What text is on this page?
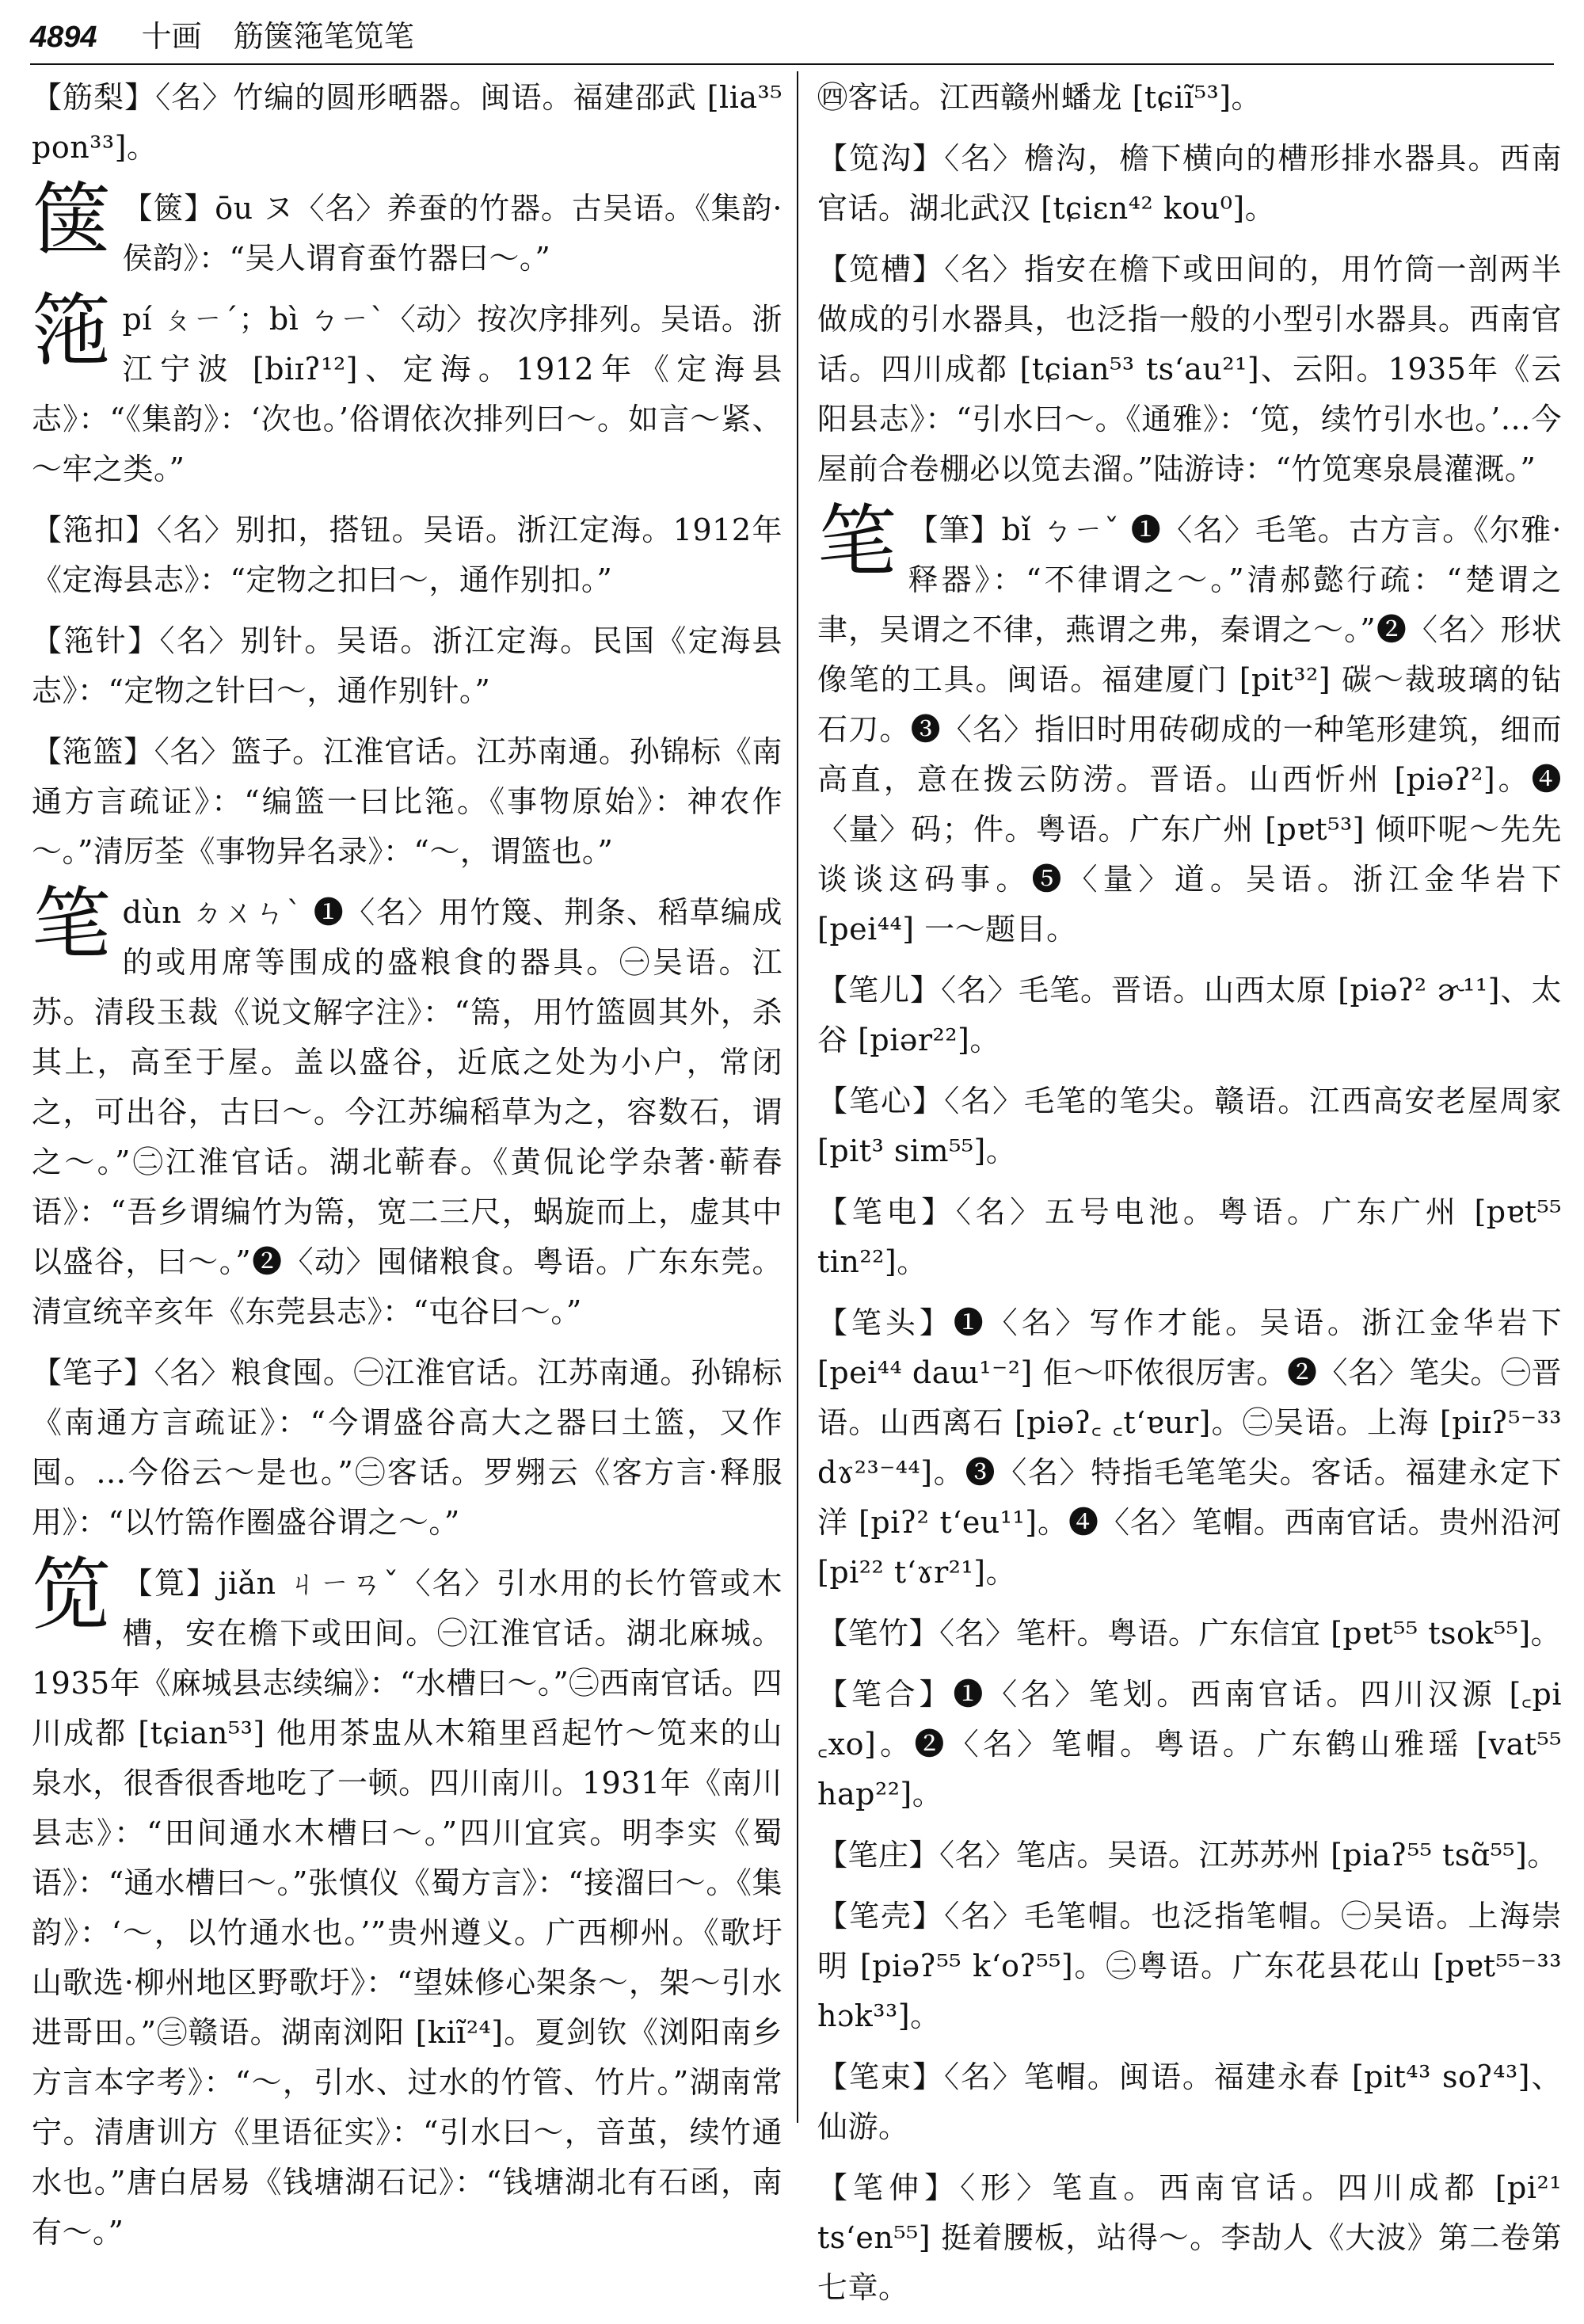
4894 十画 筋箧筂笔笕笔
【筋梨】〈名〉竹编的圆形晒器。闽语。福建邵武 [lia³⁵ pon³³]。
箧 【篋】ōu ヌ〈名〉养蚕的竹器。古吴语。《集韵·侯韵》：“吴人谓育蚕竹器曰～。”
筂pí ㄆㄧˊ；bì ㄅㄧˋ〈动〉按次序排列。吴语。浙江宁波 [biɪʔ¹²]、定海。1912年《定海县志》：“《集韵》：‘次也。’俗谓依次排列曰～。如言～紧、～牢之类。”
【筂扣】〈名〉别扣，搭钮。吴语。浙江定海。1912年《定海县志》：“定物之扣曰～，通作别扣。”
【筂针】〈名〉别针。吴语。浙江定海。民国《定海县志》：“定物之针曰～，通作别针。”
【筂篮】〈名〉篮子。江淮官话。江苏南通。孙锦标《南通方言疏证》：“编篮一曰比筂。《事物原始》：神农作～。”清厉荃《事物异名录》：“～，谓篮也。”
笔dùn ㄉㄨㄣˋ ❶〈名〉用竹篾、荆条、稻草编成的或用席等围成的盛粮食的器具。㊀吴语。江苏。清段玉裁《说文解字注》：“篅，用竹篮圆其外，杀其上，高至于屋。盖以盛谷，近底之处为小户，常闭之，可出谷，古曰～。今江苏编稻草为之，容数石，谓之～。”㊁江淮官话。湖北蕲春。《黄侃论学杂著·蕲春语》：“吾乡谓编竹为篅，宽二三尺，蜗旋而上，虚其中以盛谷，曰～。”❷〈动〉囤储粮食。粤语。广东东莞。清宣统辛亥年《东莞县志》：“屯谷曰～。”
【笔子】〈名〉粮食囤。㊀江淮官话。江苏南通。孙锦标《南通方言疏证》：“今谓盛谷高大之器曰土篮，又作囤。…今俗云～是也。”㊁客话。罗翙云《客方言·释服用》：“以竹篅作圈盛谷谓之～。”
笕 【筧】jiǎn ㄐㄧㄢˇ〈名〉引水用的长竹管或木槽，安在檐下或田间。㊀江淮官话。湖北麻城。1935年《麻城县志续编》：“水槽曰～。”㊁西南官话。四川成都 [tɕian⁵³] 他用茶盅从木箱里舀起竹～笕来的山泉水，很香很香地吃了一顿。四川南川。1931年《南川县志》：“田间通水木槽曰～。”四川宜宾。明李实《蜀语》：“通水槽曰～。”张慎仪《蜀方言》：“接溜曰～。《集韵》：‘～，以竹通水也。’”贵州遵义。广西柳州。《歌圩山歌选·柳州地区野歌圩》：“望妹修心架条～，架～引水进哥田。”㊂赣语。湖南浏阳 [kiĩ²⁴]。夏剑钦《浏阳南乡方言本字考》：“～，引水、过水的竹管、竹片。”湖南常宁。清唐训方《里语征实》：“引水曰～，音茧，续竹通水也。”唐白居易《钱塘湖石记》：“钱塘湖北有石函，南有～。”
㊃客话。江西赣州蟠龙 [tɕiĩ⁵³]。
【笕沟】〈名〉檐沟，檐下横向的槽形排水器具。西南官话。湖北武汉 [tɕiɛn⁴² kou⁰]。
【笕槽】〈名〉指安在檐下或田间的，用竹筒一剖两半做成的引水器具，也泛指一般的小型引水器具。西南官话。四川成都 [tɕian⁵³ tsʻau²¹]、云阳。1935年《云阳县志》：“引水曰～。《通雅》：‘笕，续竹引水也。’…今屋前合卷棚必以笕去溜。”陆游诗：“竹笕寒泉晨灌溉。”
笔 【筆】bǐ ㄅㄧˇ ❶〈名〉毛笔。古方言。《尔雅·释器》：“不律谓之～。”清郝懿行疏：“楚谓之聿，吴谓之不律，燕谓之弗，秦谓之～。”❷〈名〉形状像笔的工具。闽语。福建厦门 [pit³²] 碳～裁玻璃的钻石刀。❸〈名〉指旧时用砖砌成的一种笔形建筑，细而高直，意在拨云防涝。晋语。山西忻州 [piəʔ²]。❹〈量〉码；件。粤语。广东广州 [pɐt⁵³] 倾吓呢～先先谈谈这码事。❺〈量〉道。吴语。浙江金华岩下 [pei⁴⁴] 一～题目。
【笔儿】〈名〉毛笔。晋语。山西太原 [piəʔ² ɚ¹¹]、太谷 [piər²²]。
【笔心】〈名〉毛笔的笔尖。赣语。江西高安老屋周家 [pit³ sim⁵⁵]。
【笔电】〈名〉五号电池。粤语。广东广州 [pɐt⁵⁵ tin²²]。
【笔头】❶〈名〉写作才能。吴语。浙江金华岩下 [pei⁴⁴ daɯ¹⁻²] 佢～吓侬很厉害。❷〈名〉笔尖。㊀晋语。山西离石 [piəʔ꜀ ꜀tʻɐur]。㊁吴语。上海 [piɪʔ⁵⁻³³ dɤ²³⁻⁴⁴]。❸〈名〉特指毛笔笔尖。客话。福建永定下洋 [piʔ² tʻeu¹¹]。❹〈名〉笔帽。西南官话。贵州沿河 [pi²² tʻɤr²¹]。
【笔竹】〈名〉笔杆。粤语。广东信宜 [pɐt⁵⁵ tsok⁵⁵]。
【笔合】❶〈名〉笔划。西南官话。四川汉源 [꜀pi ꜀xo]。❷〈名〉笔帽。粤语。广东鹤山雅瑶 [vat⁵⁵ hap²²]。
【笔庄】〈名〉笔店。吴语。江苏苏州 [piaʔ⁵⁵ tsɑ̃⁵⁵]。
【笔壳】〈名〉毛笔帽。也泛指笔帽。㊀吴语。上海崇明 [piəʔ⁵⁵ kʻoʔ⁵⁵]。㊁粤语。广东花县花山 [pɐt⁵⁵⁻³³ hɔk³³]。
【笔束】〈名〉笔帽。闽语。福建永春 [pit⁴³ soʔ⁴³]、仙游。
【笔伸】〈形〉笔直。西南官话。四川成都 [pi²¹ tsʻen⁵⁵] 挺着腰板，站得～。李劼人《大波》第二卷第七章。
